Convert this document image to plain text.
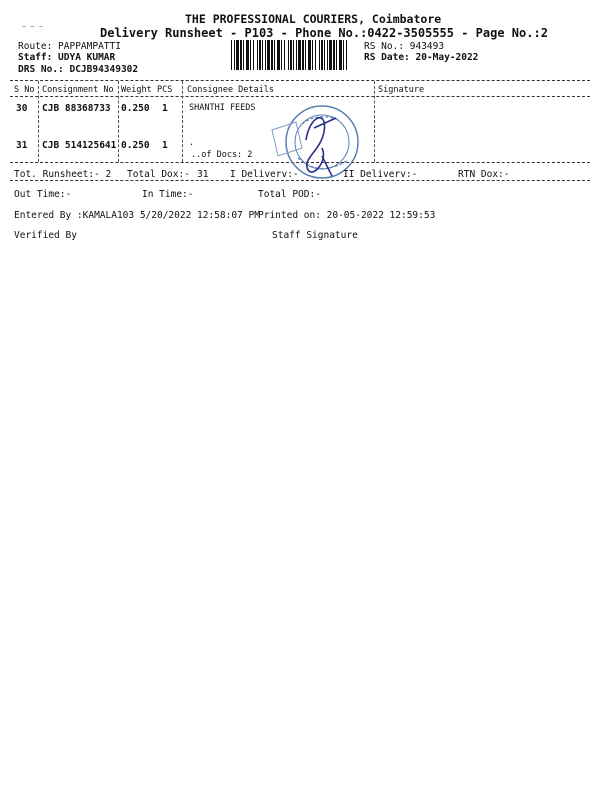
~ ~ ~
THE PROFESSIONAL COURIERS, Coimbatore
Delivery Runsheet - P103 - Phone No.:0422-3505555 - Page No.:2
Route: PAPPAMPATTI
Staff: UDYA KUMAR
DRS No.: DCJB94349302
RS No.: 943493
RS Date: 20-May-2022
S No Consignment No Weight PCS Consignee Details	Signature
30 CJB 88368733 0.250 1	SHANTHI FEEDS
31 CJB 514125641 0.250 1	.
..of Docs: 2
Tot. Runsheet:- 2 Total Dox:- 31 I Deliverv:-	II Deliverv:-	RTN Dox:-
Out Time:-	In Time:-	Total POD:-
Entered By :KAMALA103 5/20/2022 12:58:07 PM
Printed on: 20-05-2022 12:59:53
Verified By	Staff Signature
